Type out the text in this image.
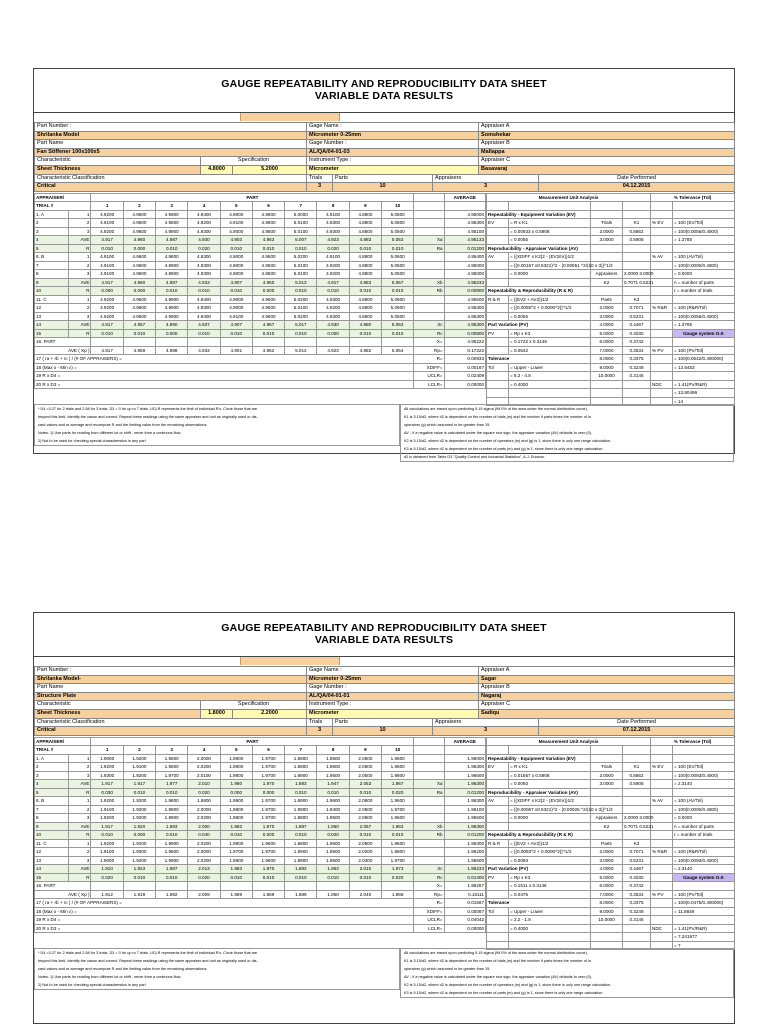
GAUGE REPEATABILITY AND REPRODUCIBILITY DATA SHEET
VARIABLE DATA RESULTS
Part Number :			Gage Name :			Appraiser A	
Shrilanka Model			Micrometer 0-25mm			Somshekar	
Part Name			Gage Number :			Appraiser B	
Fan Stiffener 100x100x5			AL/QA/04-01-03			Mallappa	
Characteristic	Specification		Instrument Type :			Appraiser C	
Sheet Thickness	4.8000	5.2000	Micrometer			Basavaraj	
Characteristic Classification			Trials	Parts	Appraisers		Date Performed
Critical			3	10	3		04.12.2015
APPRAISER/		PART											AVERAGE
TRIAL #		1	2	3	4	5	6	7	8	9	10		
1. A	1	4.9200	4.9600	4.9900	4.9400	4.9000	4.9500	5.0000	4.9100	4.8800	5.0500		4.95000
2	2	4.9100	4.9600	4.9800	4.9200	4.9100	4.9500	5.0100	4.9300	4.8800	5.0600		4.95300
3	3	4.9200	4.9600	4.9900	4.9300	4.9000	4.9500	5.0100	4.9300	4.8800	5.0500		4.95100
4	AVE	4.917	4.960	4.987	4.930	4.903	4.953	5.007	4.923	4.883	5.053	Xa	4.95133
5	R	0.010	0.000	0.010	0.020	0.010	0.010	0.010	0.020	0.010	0.010	Ra	0.01200
6. B	1	4.9100	4.9600	4.9800	4.9300	4.9000	4.9500	5.0200	4.9100	4.8800	5.0600		4.95400
7	2	4.9100	4.9600	4.9900	4.9300	4.9000	4.9500	5.0100	4.9200	4.8800	5.0500		4.95000
8	3	4.9100	4.9600	4.9900	4.9300	4.9000	4.9500	5.0100	4.9200	4.8800	5.0500		4.95000
9	AVE	4.917	4.960	4.987	4.933	4.907	4.950	5.013	4.917	4.883	5.057	Xb	4.95233
10	R	0.000	0.000	0.010	0.010	0.010	0.000	0.010	0.010	0.010	0.010	Rb	0.00800
11. C	1	4.9200	4.9500	4.9900	4.9400	4.9000	4.9500	5.0200	4.9300	4.8800	5.0600		4.95500
12	2	4.9200	4.9600	4.9900	4.9300	4.9000	4.9500	5.0100	4.9200	4.8800	5.0600		4.95300
13	3	4.9200	4.9600	4.9900	4.9400	4.9100	4.9600	5.0200	4.9300	4.8800	5.0500		4.95300
14	AVE	4.917	4.957	4.990	4.937	4.907	4.957	5.017	4.930	4.880	5.053	Xc	4.95300
15	R	0.010	0.010	0.000	0.010	0.010	0.010	0.010	0.000	0.010	0.010	Rc	0.00800
16. PART												X=	4.95222
AVE ( Xp )		4.917	4.959	4.988	4.933	4.901	4.952	5.012	4.923	4.882	5.054	Rp=	0.17222
17 ( ra + rb + rc ) / (# OF APPRAISERS) =												R=	0.00933
18 (Max x - Min x) =												XDIFF=	0.00167
19 R x D4 =												UCLR=	0.02409
20 R x D3 =												LCLR=	0.00000
Measurement Unit Analysis				% Tolerance (Tol)	

Repeatability - Equipment Variation (EV)					
EV	= R x K1	Trials	K1	% EV	= 100 (EV/Tol)
	= 0.00933 x 0.5908	2.0000	0.8862		= 100(0.0055/0.4000)
	= 0.0055	3.0000	0.5908		= 1.3785
Reproducibility - Appraiser Variation (AV)					
AV	= {(XDIFF x K2)2 - (EV2/nr)}1/2			% AV	= 100 (AV/Tol)
	= {(0.00167 x0.5321)^2 - (0.00551 ^2/(10 x 3)}^1/2				= 100(0.0000/0.4000)
	= 0.0000	Appraisers	2.0000 3.0000		= 0.0000
		K2	0.7071 0.5231		n = number of parts
Repeatability & Reproducibility (R & R)					r = number of trials
R & R	= {(EV2 + AV2)}1/2	Parts	K3		
	= {(0.0055^2 + 0.0000^2)}^1/2	2.0000	0.7071	% R&R	= 100 (R&R/Tol)
	= 0.0055	3.0000	0.5231		= 100(0.0055/0.4000)
Part Variation (PV)		4.0000	0.4467		= 1.3785
PV	= Rp x K3	5.0000	0.4030		Gauge system O.K
	= 0.1722 x 0.3146	6.0000	0.3742		
	= 0.0542	7.0000	0.3534	% PV	= 100 (PV/Tol)
Tolerance		8.0000	0.3375		= 100(0.0542/0.400000)
Tol	= Upper - Lower	9.0000	0.3249		= 13.5453
	= 5.2 - 4.8	10.0000	0.3146		
	= 0.4000			NDC	= 1.41(PV/R&R)
					= 13.80496
					= 14

* D4 =3.27 for 2 trials and 2.58 for 3 trials. D3 = 0 for up to 7 trials. UCLR represents the limit of individual R's. Circle those that are

beyond this limit. Identify the cause and correct. Repeat these readings using the same appraiser and unit as originally used or dis-

card values and re-average and recompute R and the limiting value from the remaining observations.

Notes: 1) Use parts for reading from different lot or shift , never from a continous flow.

2) Not to be used for checking special characteristics in any part

All calculations are based upon predicting 5.15 sigma (99.0% of the area under the normal distribution curve).

K1 is 5.15/d2, where d2 is dependent on the number of trials (m) and the number if parts times the number of is

operators (g) which assumed to be greater than 15.

AV - If a negative value is calculated under the square root sign, the appraiser variation (AV) defaults to zero (0).

K2 is 5.15/d2, where d2 is dependent on the number of operators (m) and (g) is 1, since there is only one range calculation.

K3 is 5.15/d2, where d2 is dependent on the number of parts (m) and (g) is 1, since there is only one range calculation.

d2 is obtained from Table D3 "Quality Control and Industrial Statistics", A.J. Duncan.

GAUGE REPEATABILITY AND REPRODUCIBILITY DATA SHEET
VARIABLE DATA RESULTS
Part Number :			Gage Name :			Appraiser A	
Shrilanka Model-			Micrometer 0-25mm			Sagar	
Part Name			Gage Number :			Appraiser B	
Structure Plate			AL/QA/04-01-01			Nagaraj	
Characteristic	Specification		Instrument Type :			Appraiser C	
Sheet Thickness	1.8000	2.2000	Micrometer			Sadiqu	
Characteristic Classification			Trials	Parts	Appraisers		Date Performed
Critical			3	10	3		07.12.2015
APPRAISER/		PART											AVERAGE
TRIAL #		1	2	3	4	5	6	7	8	9	10		
1. A	1	1.9000	1.9200	1.9800	2.0000	1.9800	1.9700	1.8800	1.9500	2.0500	1.9600		1.96000
2	2	1.9200	1.9100	1.9800	2.0200	1.9800	1.9700	1.8800	1.9600	2.0600	1.9600		1.96300
3	3	1.9300	1.9200	1.9700	2.0100	1.9800	1.9700	1.8900	1.9500	2.0500	1.9800		1.96600
4	AVE	1.917	1.917	1.977	2.010	1.980	1.970	1.883	1.947	2.053	1.967	Xa	1.96300
5	R	0.030	0.010	0.010	0.020	0.000	0.000	0.010	0.010	0.010	0.020	Ra	0.01200
6. B	1	1.9200	1.9200	1.9800	1.9800	1.9900	1.9700	1.8900	1.9600	2.0600	1.9600		1.96300
7	2	1.9100	1.9200	1.9800	2.0000	1.9800	1.9700	1.8900	1.9400	2.0500	1.9700		1.96100
8	3	1.9200	1.9200	1.9900	2.0200	1.9800	1.9700	1.8800	1.9500	2.0600	1.9600		1.96500
9	AVE	1.917	1.920	1.983	2.000	1.983	1.970	1.887	1.950	2.057	1.963	Xb	1.96300
10	R	0.010	0.000	0.010	0.040	0.010	0.000	0.010	0.020	0.010	0.010	Rb	0.01200
11. C	1	1.9200	1.9200	1.9900	2.0200	1.9800	1.9600	1.8800	1.9600	2.0500	1.9600		1.96300
12	2	1.9100	1.9300	1.9800	2.0000	1.9700	1.9700	1.8900	1.9500	2.0200	1.9800		1.96200
13	3	1.9000	1.9200	1.9900	2.0200	1.9900	1.9600	1.8900	1.9500	2.0300	1.9700		1.96500
14	AVE	1.910	1.923	1.987	2.013	1.983	1.970	1.883	1.953	2.010	1.973	Xc	1.96233
15	R	0.020	0.010	0.010	0.020	0.010	0.010	0.010	0.010	0.010	0.020	Rc	0.01400
16. PART												X=	1.96267
AVE ( Xp )		1.912	1.919	1.982	2.009	1.989	1.969	1.889	1.950	2.040	1.968	Rp=	0.15111
17 ( ra + rb + rc ) / (# OF APPRAISERS) =												R=	0.01567
18 (Max x - Min x) =												XDIFF=	0.00067
19 R x D4 =												UCLR=	0.04042
20 R x D3 =												LCLR=	0.00000
Measurement Unit Analysis				% Tolerance (Tol)	

Repeatability - Equipment Variation (EV)					
EV	= R x K1	Trials	K1	% EV	= 100 (EV/Tol)
	= 0.01567 x 0.5908	2.0000	0.8862		= 100(0.0093/0.4000)
	= 0.0093	3.0000	0.5908		= 2.3140
Reproducibility - Appraiser Variation (AV)					
AV	= {(XDIFF x K2)2 - (EV2/nr)}1/2			% AV	= 100 (AV/Tol)
	= {(0.00067 x0.5321)^2 - (0.00926 ^2/(10 x 3)}^1/2				= 100(0.0000/0.4000)
	= 0.0000	Appraisers	2.0000 3.0000		= 0.0000
		K2	0.7071 0.5231		n = number of parts
Repeatability & Reproducibility (R & R)					r = number of trials
R & R	= {(EV2 + AV2)}1/2	Parts	K3		
	= {(0.0093^2 + 0.0000^2)}^1/2	2.0000	0.7071	% R&R	= 100 (R&R/Tol)
	= 0.0093	3.0000	0.5231		= 100(0.0093/0.4000)
Part Variation (PV)		4.0000	0.4467		= 2.3140
PV	= Rp x K3	5.0000	0.4030		Gauge system O.K
	= 0.1511 x 0.3146	6.0000	0.3742		
	= 0.0475	7.0000	0.3534	% PV	= 100 (PV/Tol)
Tolerance		8.0000	0.3375		= 100(0.0475/0.400000)
Tol	= Upper - Lower	9.0000	0.3249		= 11.8849
	= 2.2 - 1.8	10.0000	0.3146		
	= 0.4000			NDC	= 1.41(PV/R&R)
					= 7.241977
					= 7

* D4 =3.27 for 2 trials and 2.58 for 3 trials. D3 = 0 for up to 7 trials. UCLR represents the limit of individual R's. Circle those that are

beyond this limit. Identify the cause and correct. Repeat these readings using the same appraiser and unit as originally used or dis-

card values and re-average and recompute R and the limiting value from the remaining observations.

Notes: 1) Use parts for reading from different lot or shift , never from a continous flow.

2) Not to be used for checking special characteristics in any part

All calculations are based upon predicting 5.15 sigma (99.0% of the area under the normal distribution curve).

K1 is 5.15/d2, where d2 is dependent on the number of trials (m) and the number if parts times the number of is

operators (g) which assumed to be greater than 15.

AV - If a negative value is calculated under the square root sign, the appraiser variation (AV) defaults to zero (0).

K2 is 5.15/d2, where d2 is dependent on the number of operators (m) and (g) is 1, since there is only one range calculation.

K3 is 5.15/d2, where d2 is dependent on the number of parts (m) and (g) is 1, since there is only one range calculation.
